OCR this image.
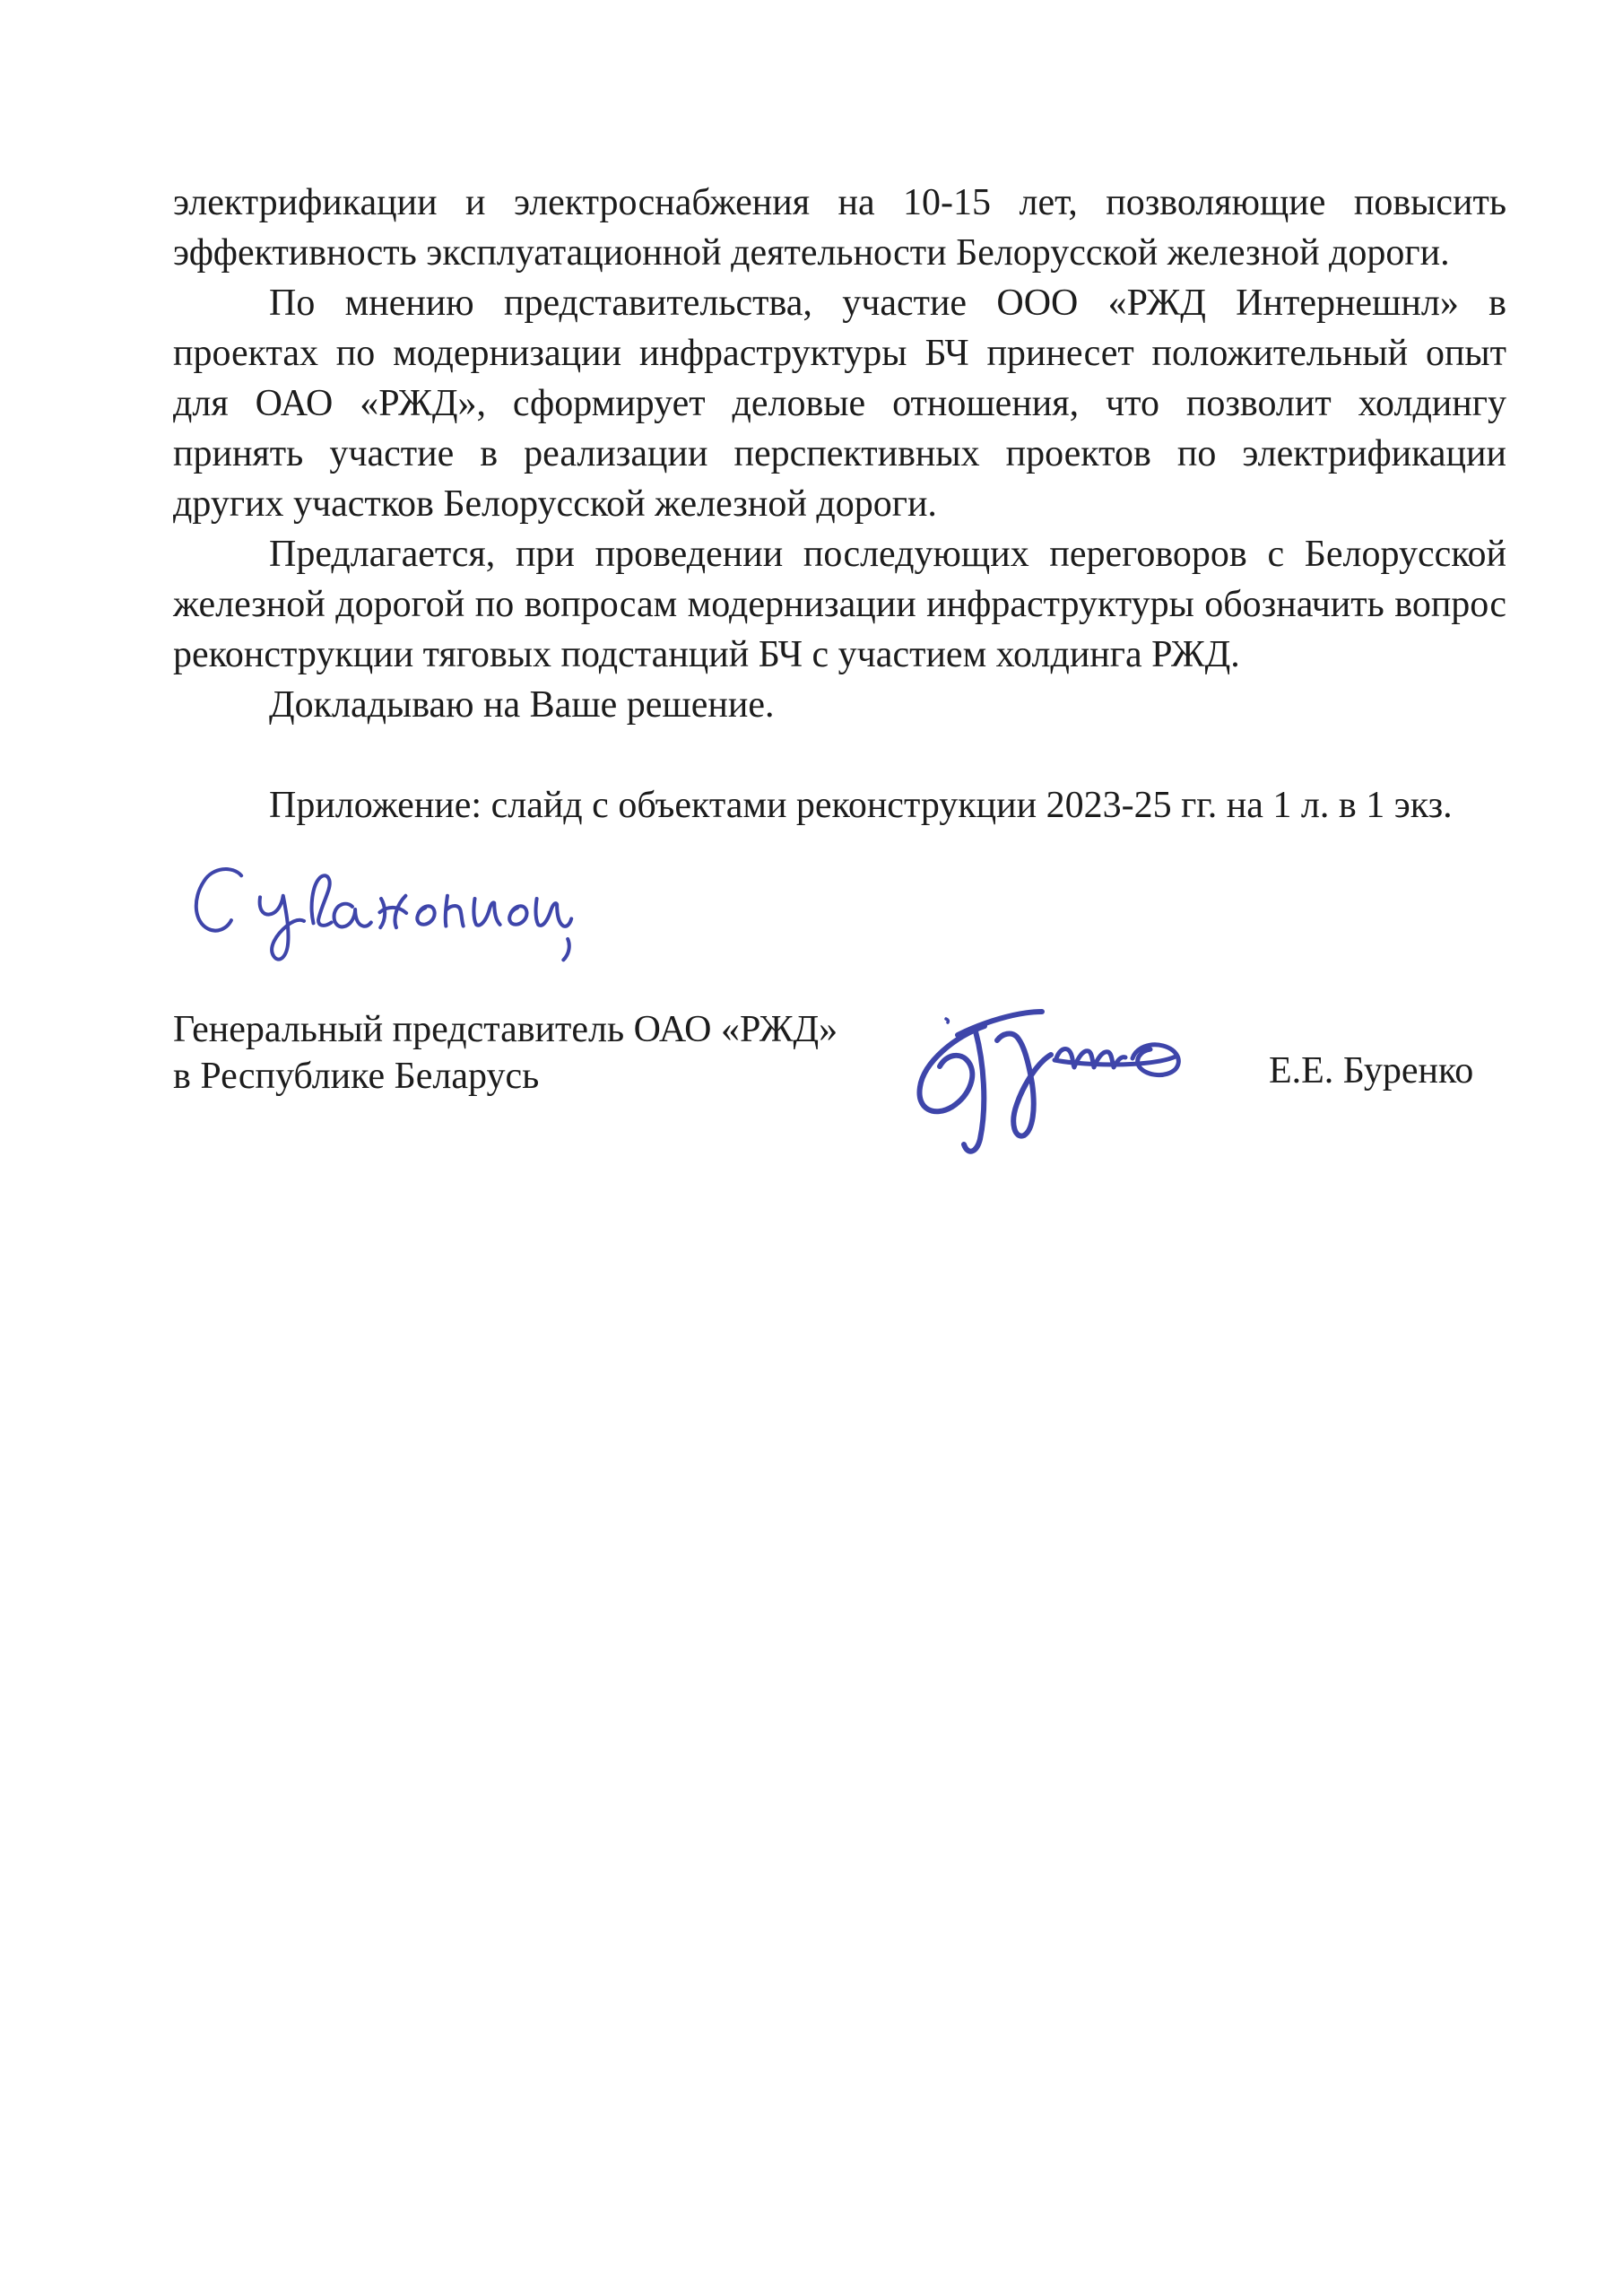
электрификации и электроснабжения на 10-15 лет, позволяющие повысить
эффективность эксплуатационной деятельности Белорусской железной дороги.
По мнению представительства, участие ООО «РЖД Интернешнл» в
проектах по модернизации инфраструктуры БЧ принесет положительный опыт
для ОАО «РЖД», сформирует деловые отношения, что позволит холдингу
принять участие в реализации перспективных проектов по электрификации
других участков Белорусской железной дороги.
Предлагается, при проведении последующих переговоров с Белорусской
железной дорогой по вопросам модернизации инфраструктуры обозначить вопрос
реконструкции тяговых подстанций БЧ с участием холдинга РЖД.
Докладываю на Ваше решение.
Приложение: слайд с объектами реконструкции 2023-25 гг. на 1 л. в 1 экз.
Генеральный представитель ОАО «РЖД»
в Республике Беларусь	Е.Е. Буренко
